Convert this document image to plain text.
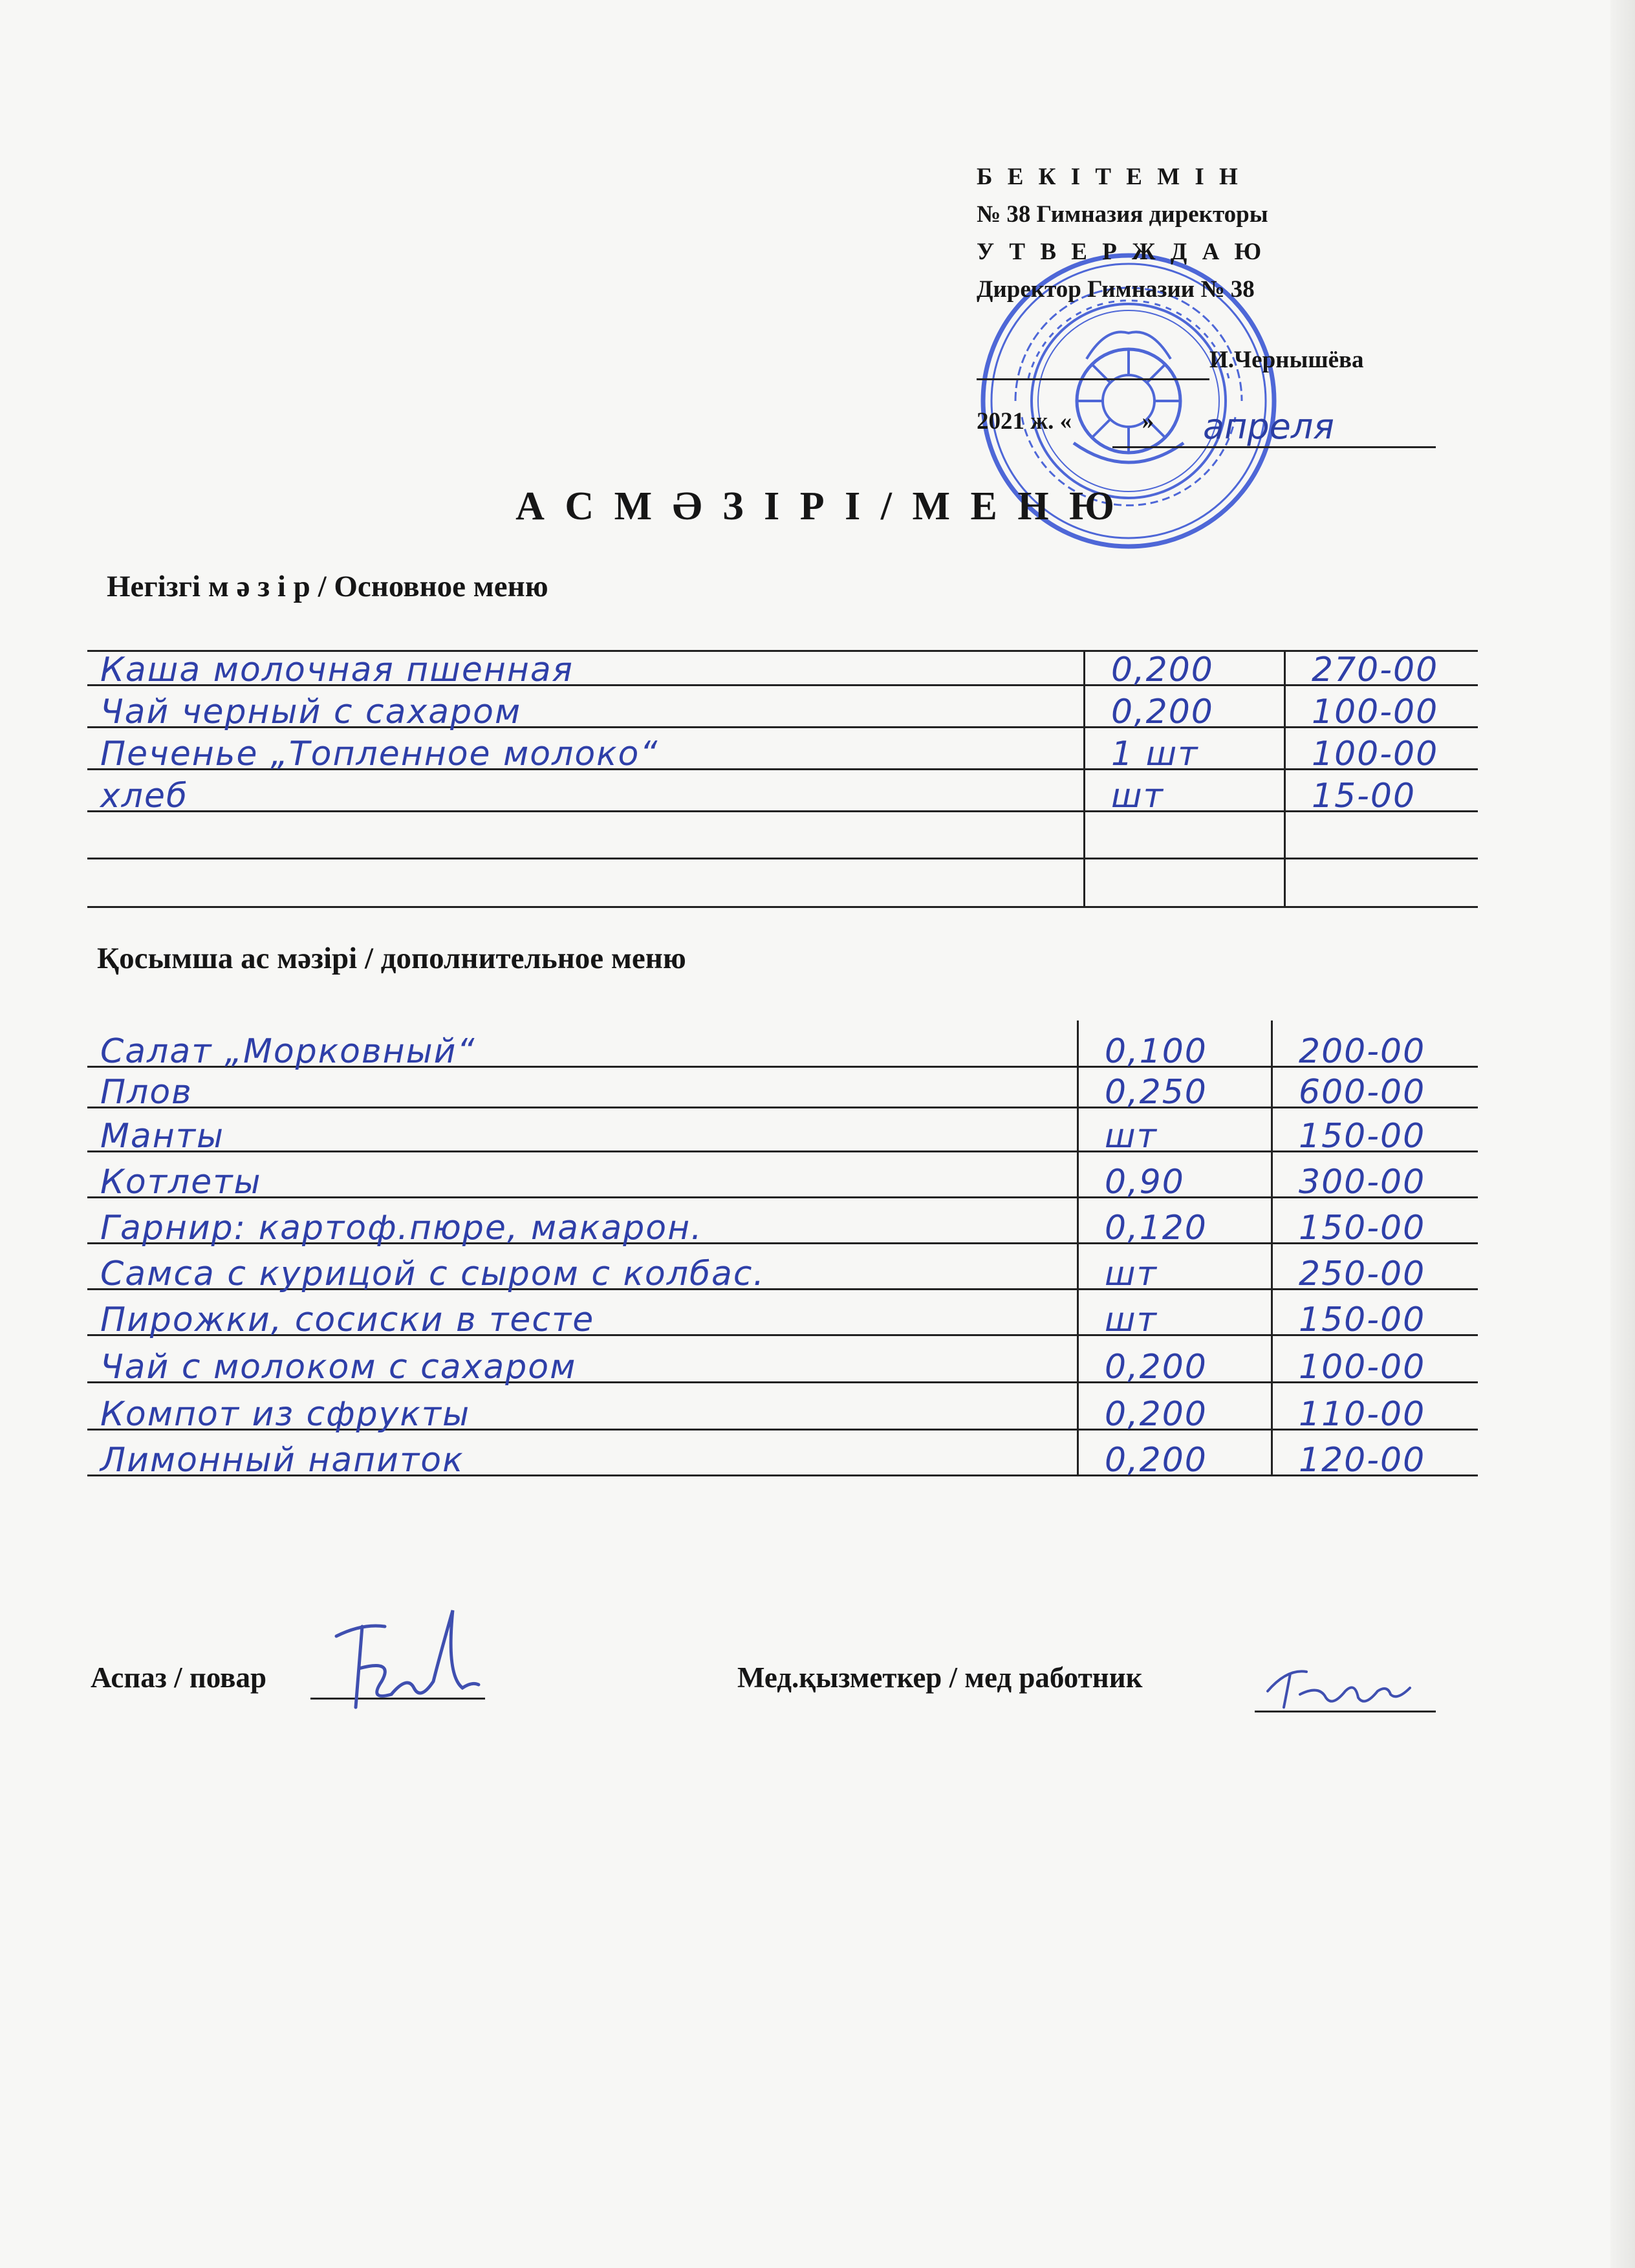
Б Е К І Т Е М І Н
№ 38 Гимназия директоры
У Т В Е Р Ж Д А Ю
Директор Гимназии № 38
И.Чернышёва
2021 ж. «	» апреля
А С М Ә З І Р І / М Е Н Ю
Негізгі м ә з і р / Основное меню
Каша молочная пшенная	0,200	270-00
Чай черный с сахаром	0,200	100-00
Печенье „Топленное молоко“	1 шт	100-00
хлеб	шт	15-00
Қосымша ас мәзірі / дополнительное меню
Салат „Морковный“	0,100	200-00
Плов	0,250	600-00
Манты	шт	150-00
Котлеты	0,90	300-00
Гарнир: картоф.пюре, макарон.	0,120	150-00
Самса с курицой с сыром с колбас.	шт	250-00
Пирожки, сосиски в тесте	шт	150-00
Чай с молоком с сахаром	0,200	100-00
Компот из сфрукты	0,200	110-00
Лимонный напиток	0,200	120-00
Аспаз / повар	Мед.қызметкер / мед работник
